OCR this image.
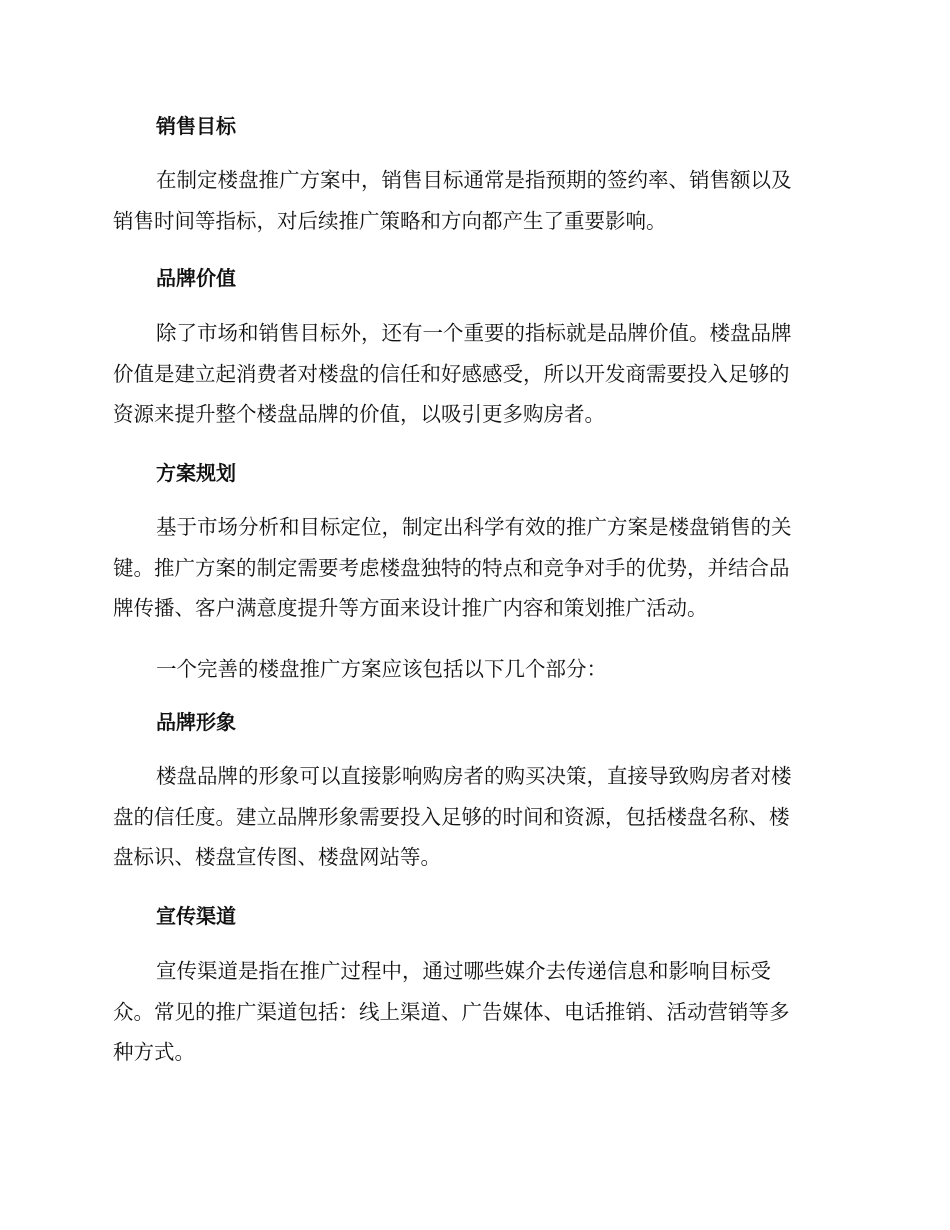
销售目标
在制定楼盘推广方案中，销售目标通常是指预期的签约率、销售额以及
销售时间等指标，对后续推广策略和方向都产生了重要影响。
品牌价值
除了市场和销售目标外，还有一个重要的指标就是品牌价值。楼盘品牌
价值是建立起消费者对楼盘的信任和好感感受，所以开发商需要投入足够的
资源来提升整个楼盘品牌的价值，以吸引更多购房者。
方案规划
基于市场分析和目标定位，制定出科学有效的推广方案是楼盘销售的关
键。推广方案的制定需要考虑楼盘独特的特点和竞争对手的优势，并结合品
牌传播、客户满意度提升等方面来设计推广内容和策划推广活动。
一个完善的楼盘推广方案应该包括以下几个部分：
品牌形象
楼盘品牌的形象可以直接影响购房者的购买决策，直接导致购房者对楼
盘的信任度。建立品牌形象需要投入足够的时间和资源，包括楼盘名称、楼
盘标识、楼盘宣传图、楼盘网站等。
宣传渠道
宣传渠道是指在推广过程中，通过哪些媒介去传递信息和影响目标受
众。常见的推广渠道包括：线上渠道、广告媒体、电话推销、活动营销等多
种方式。
